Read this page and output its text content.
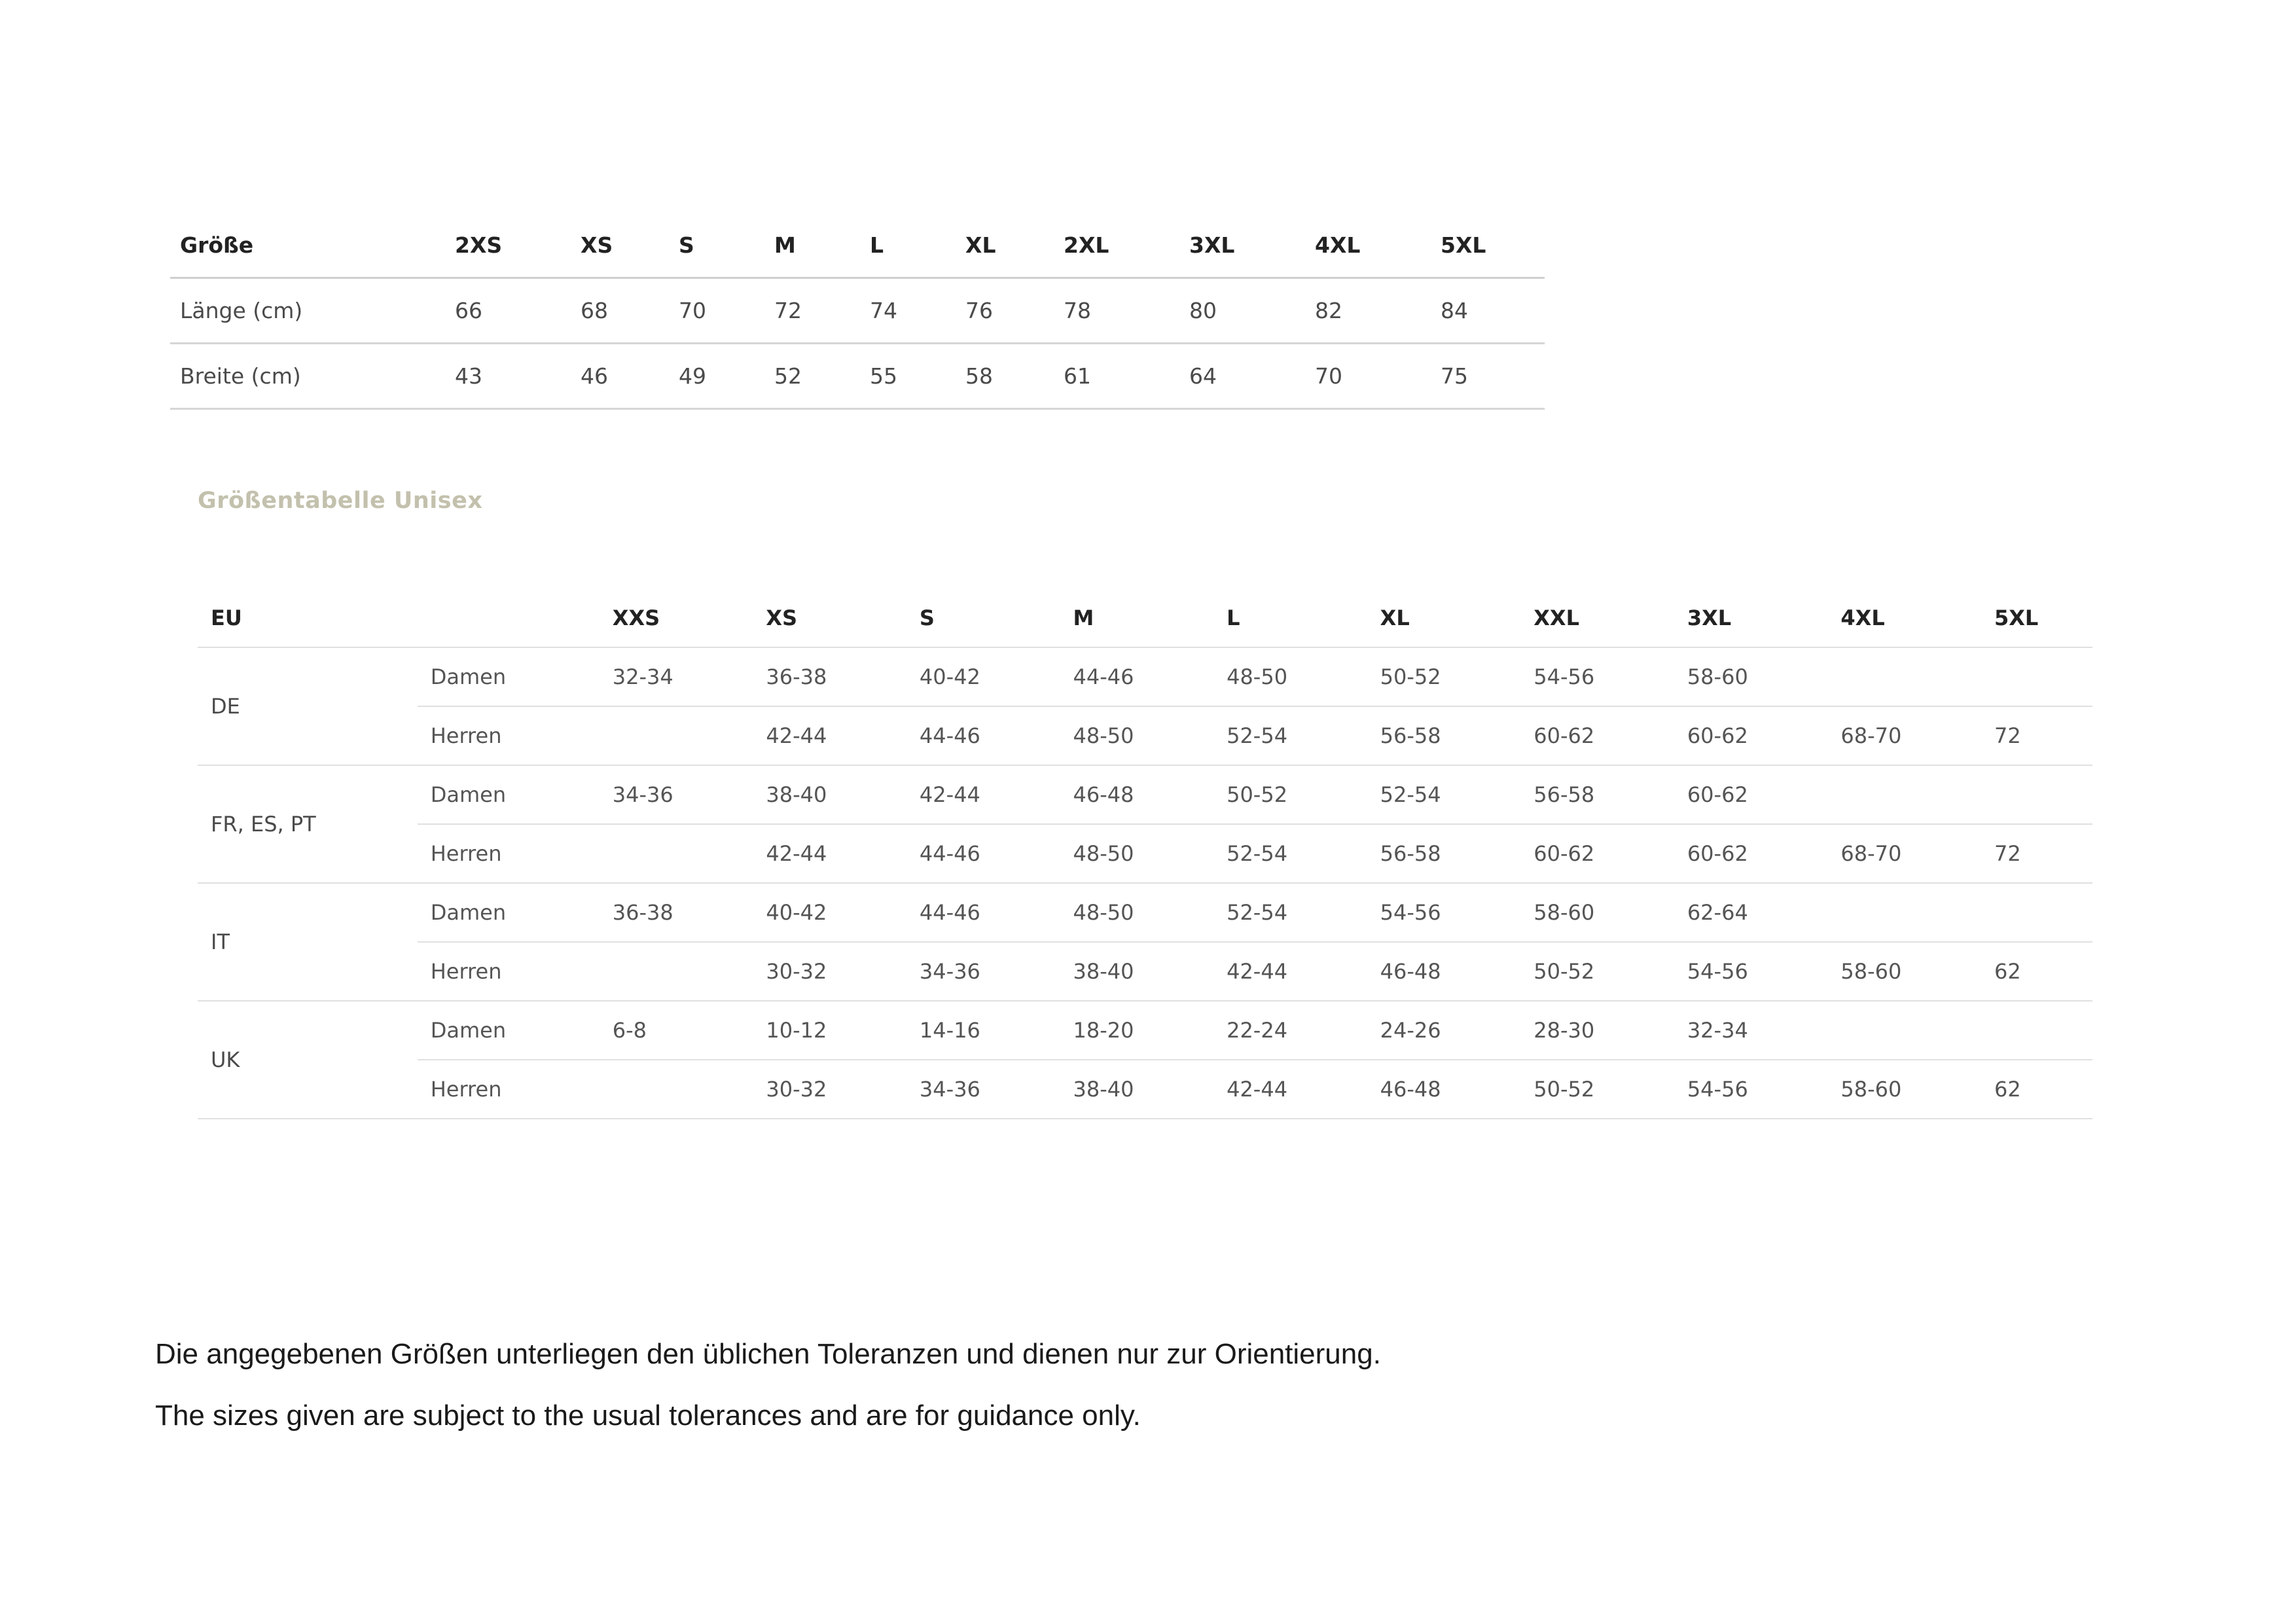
Größe	2XS	XS	S	M	L	XL	2XL	3XL	4XL	5XL
Länge (cm)	66	68	70	72	74	76	78	80	82	84
Breite (cm)	43	46	49	52	55	58	61	64	70	75
Größentabelle Unisex
EU		XXS	XS	S	M	L	XL	XXL	3XL	4XL	5XL
DE	Damen	32-34	36-38	40-42	44-46	48-50	50-52	54-56	58-60		
	Herren		42-44	44-46	48-50	52-54	56-58	60-62	60-62	68-70	72
FR, ES, PT	Damen	34-36	38-40	42-44	46-48	50-52	52-54	56-58	60-62		
	Herren		42-44	44-46	48-50	52-54	56-58	60-62	60-62	68-70	72
IT	Damen	36-38	40-42	44-46	48-50	52-54	54-56	58-60	62-64		
	Herren		30-32	34-36	38-40	42-44	46-48	50-52	54-56	58-60	62
UK	Damen	6-8	10-12	14-16	18-20	22-24	24-26	28-30	32-34		
	Herren		30-32	34-36	38-40	42-44	46-48	50-52	54-56	58-60	62

Die angegebenen Größen unterliegen den üblichen Toleranzen und dienen nur zur Orientierung.

The sizes given are subject to the usual tolerances and are for guidance only.
